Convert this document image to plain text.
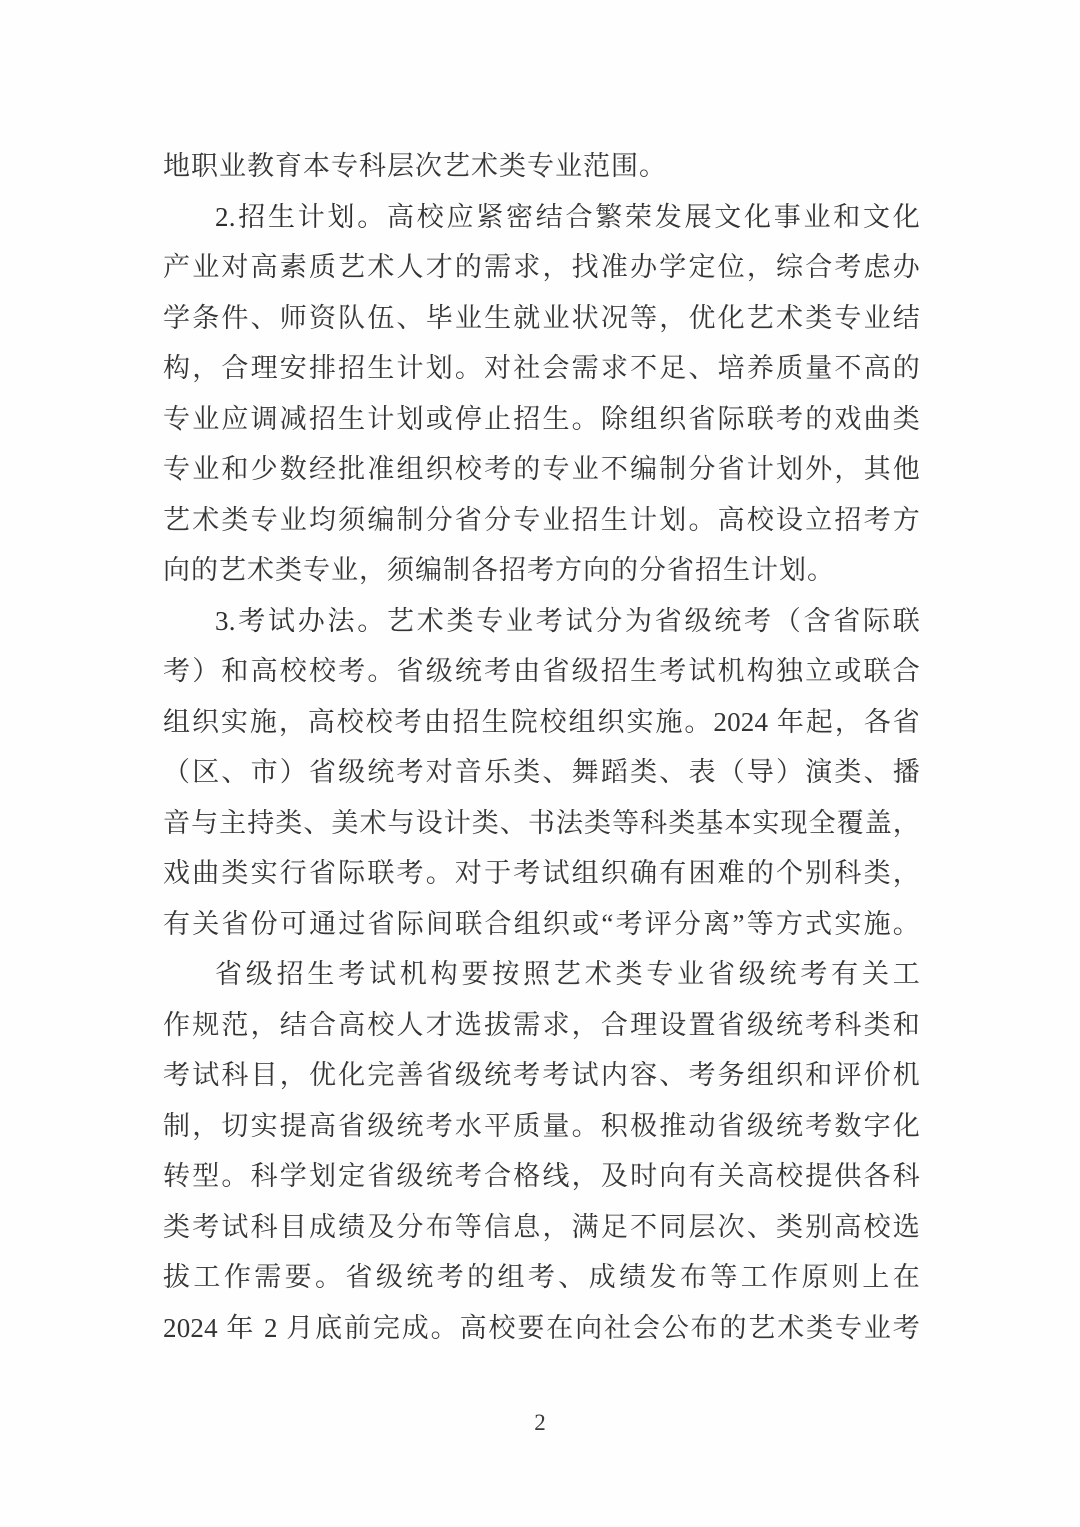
地职业教育本专科层次艺术类专业范围。
2.招生计划。高校应紧密结合繁荣发展文化事业和文化
产业对高素质艺术人才的需求，找准办学定位，综合考虑办
学条件、师资队伍、毕业生就业状况等，优化艺术类专业结
构，合理安排招生计划。对社会需求不足、培养质量不高的
专业应调减招生计划或停止招生。除组织省际联考的戏曲类
专业和少数经批准组织校考的专业不编制分省计划外，其他
艺术类专业均须编制分省分专业招生计划。高校设立招考方
向的艺术类专业，须编制各招考方向的分省招生计划。
3.考试办法。艺术类专业考试分为省级统考（含省际联
考）和高校校考。省级统考由省级招生考试机构独立或联合
组织实施，高校校考由招生院校组织实施。2024 年起，各省
（区、市）省级统考对音乐类、舞蹈类、表（导）演类、播
音与主持类、美术与设计类、书法类等科类基本实现全覆盖，
戏曲类实行省际联考。对于考试组织确有困难的个别科类，
有关省份可通过省际间联合组织或“考评分离”等方式实施。
省级招生考试机构要按照艺术类专业省级统考有关工
作规范，结合高校人才选拔需求，合理设置省级统考科类和
考试科目，优化完善省级统考考试内容、考务组织和评价机
制，切实提高省级统考水平质量。积极推动省级统考数字化
转型。科学划定省级统考合格线，及时向有关高校提供各科
类考试科目成绩及分布等信息，满足不同层次、类别高校选
拔工作需要。省级统考的组考、成绩发布等工作原则上在
2024 年 2 月底前完成。高校要在向社会公布的艺术类专业考
2
